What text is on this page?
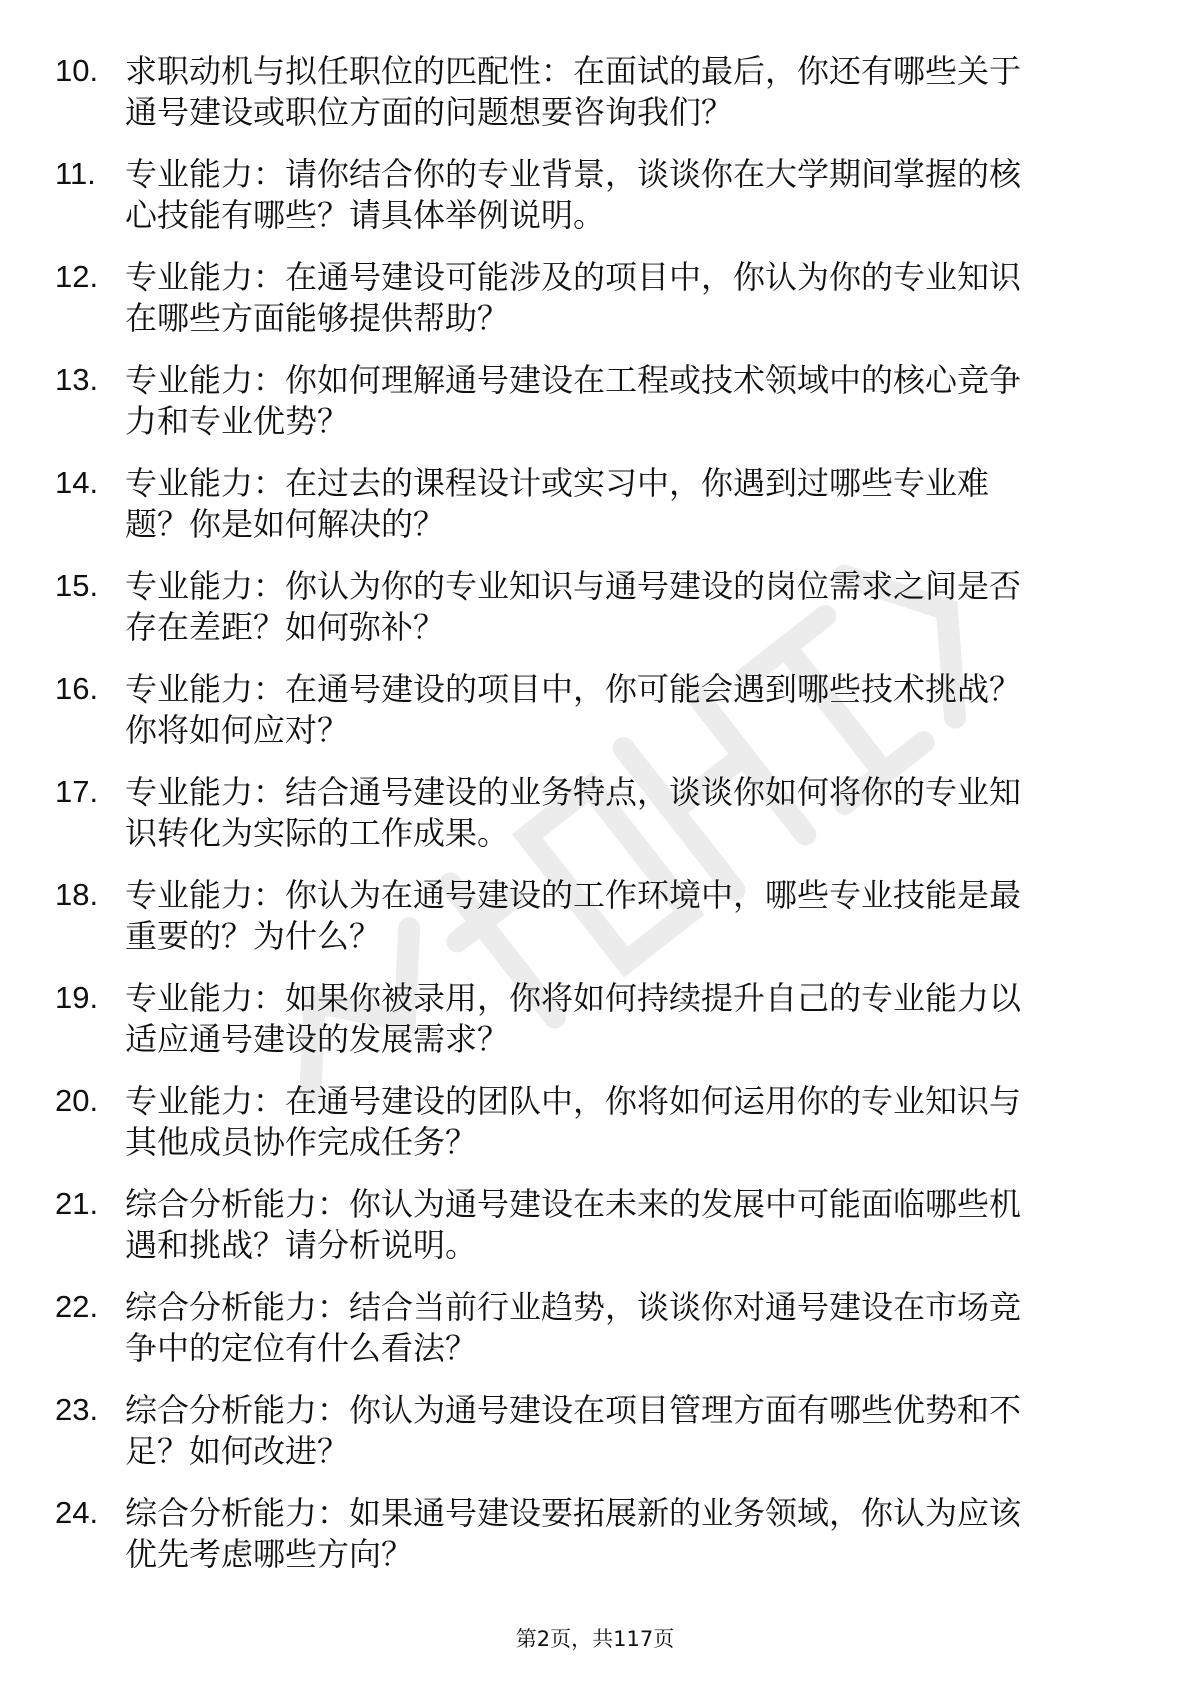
10. 求职动机与拟任职位的匹配性：在面试的最后，你还有哪些关于
通号建设或职位方面的问题想要咨询我们？
11. 专业能力：请你结合你的专业背景，谈谈你在大学期间掌握的核
心技能有哪些？请具体举例说明。
12. 专业能力：在通号建设可能涉及的项目中，你认为你的专业知识
在哪些方面能够提供帮助？
13. 专业能力：你如何理解通号建设在工程或技术领域中的核心竞争
力和专业优势？
14. 专业能力：在过去的课程设计或实习中，你遇到过哪些专业难
题？你是如何解决的？
15. 专业能力：你认为你的专业知识与通号建设的岗位需求之间是否
存在差距？如何弥补？
16. 专业能力：在通号建设的项目中，你可能会遇到哪些技术挑战？
你将如何应对？
17. 专业能力：结合通号建设的业务特点，谈谈你如何将你的专业知
识转化为实际的工作成果。
18. 专业能力：你认为在通号建设的工作环境中，哪些专业技能是最
重要的？为什么？
19. 专业能力：如果你被录用，你将如何持续提升自己的专业能力以
适应通号建设的发展需求？
20. 专业能力：在通号建设的团队中，你将如何运用你的专业知识与
其他成员协作完成任务？
21. 综合分析能力：你认为通号建设在未来的发展中可能面临哪些机
遇和挑战？请分析说明。
22. 综合分析能力：结合当前行业趋势，谈谈你对通号建设在市场竞
争中的定位有什么看法？
23. 综合分析能力：你认为通号建设在项目管理方面有哪些优势和不
足？如何改进？
24. 综合分析能力：如果通号建设要拓展新的业务领域，你认为应该
优先考虑哪些方向？
第2页，共117页
